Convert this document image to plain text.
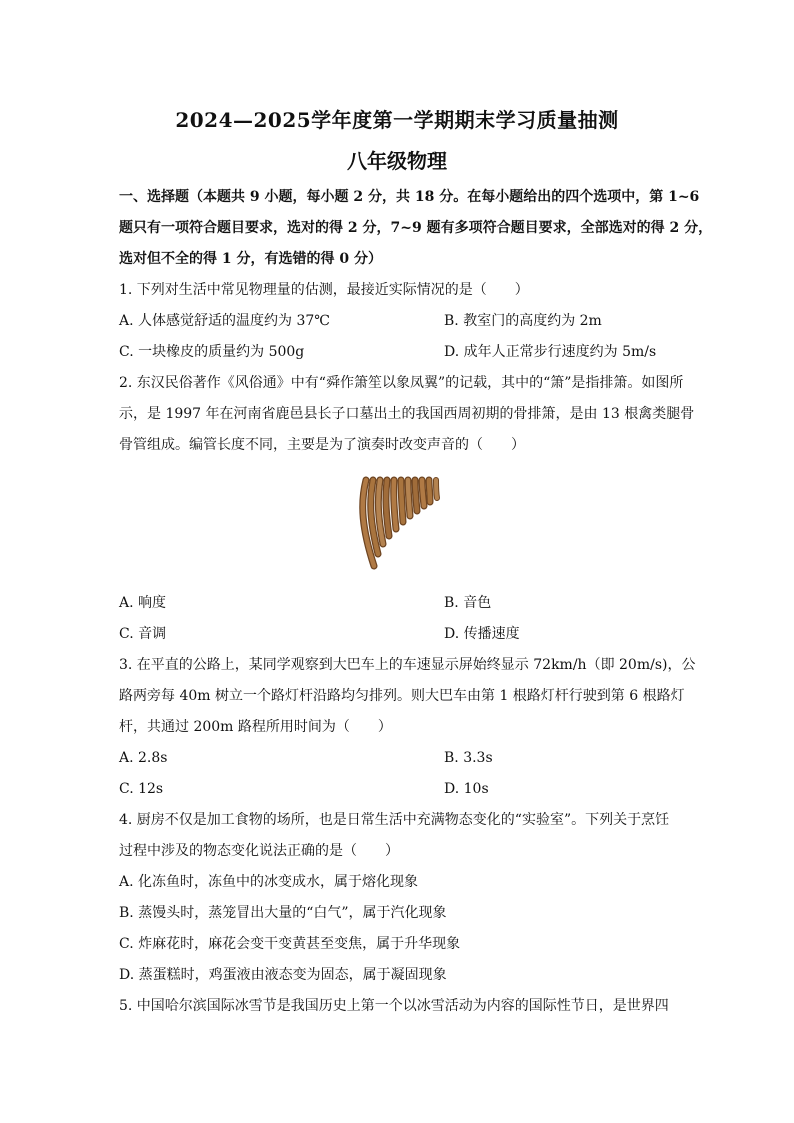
2024—2025学年度第一学期期末学习质量抽测
八年级物理
一、选择题（本题共 9 小题，每小题 2 分，共 18 分。在每小题给出的四个选项中，第 1~6
题只有一项符合题目要求，选对的得 2 分，7~9 题有多项符合题目要求，全部选对的得 2 分，
选对但不全的得 1 分，有选错的得 0 分）
1. 下列对生活中常见物理量的估测，最接近实际情况的是（　　）
A. 人体感觉舒适的温度约为 37℃	B. 教室门的高度约为 2m
C. 一块橡皮的质量约为 500g	D. 成年人正常步行速度约为 5m/s
2. 东汉民俗著作《风俗通》中有“舜作箫笙以象凤翼”的记载，其中的“箫”是指排箫。如图所
示，是 1997 年在河南省鹿邑县长子口墓出土的我国西周初期的骨排箫，是由 13 根禽类腿骨
骨管组成。编管长度不同，主要是为了演奏时改变声音的（　　）
A. 响度	B. 音色
C. 音调	D. 传播速度
3. 在平直的公路上，某同学观察到大巴车上的车速显示屏始终显示 72km/h（即 20m/s)，公
路两旁每 40m 树立一个路灯杆沿路均匀排列。则大巴车由第 1 根路灯杆行驶到第 6 根路灯
杆，共通过 200m 路程所用时间为（　　）
A. 2.8s	B. 3.3s
C. 12s	D. 10s
4. 厨房不仅是加工食物的场所，也是日常生活中充满物态变化的“实验室”。下列关于烹饪
过程中涉及的物态变化说法正确的是（　　）
A. 化冻鱼时，冻鱼中的冰变成水，属于熔化现象
B. 蒸馒头时，蒸笼冒出大量的“白气”，属于汽化现象
C. 炸麻花时，麻花会变干变黄甚至变焦，属于升华现象
D. 蒸蛋糕时，鸡蛋液由液态变为固态，属于凝固现象
5. 中国哈尔滨国际冰雪节是我国历史上第一个以冰雪活动为内容的国际性节日，是世界四
